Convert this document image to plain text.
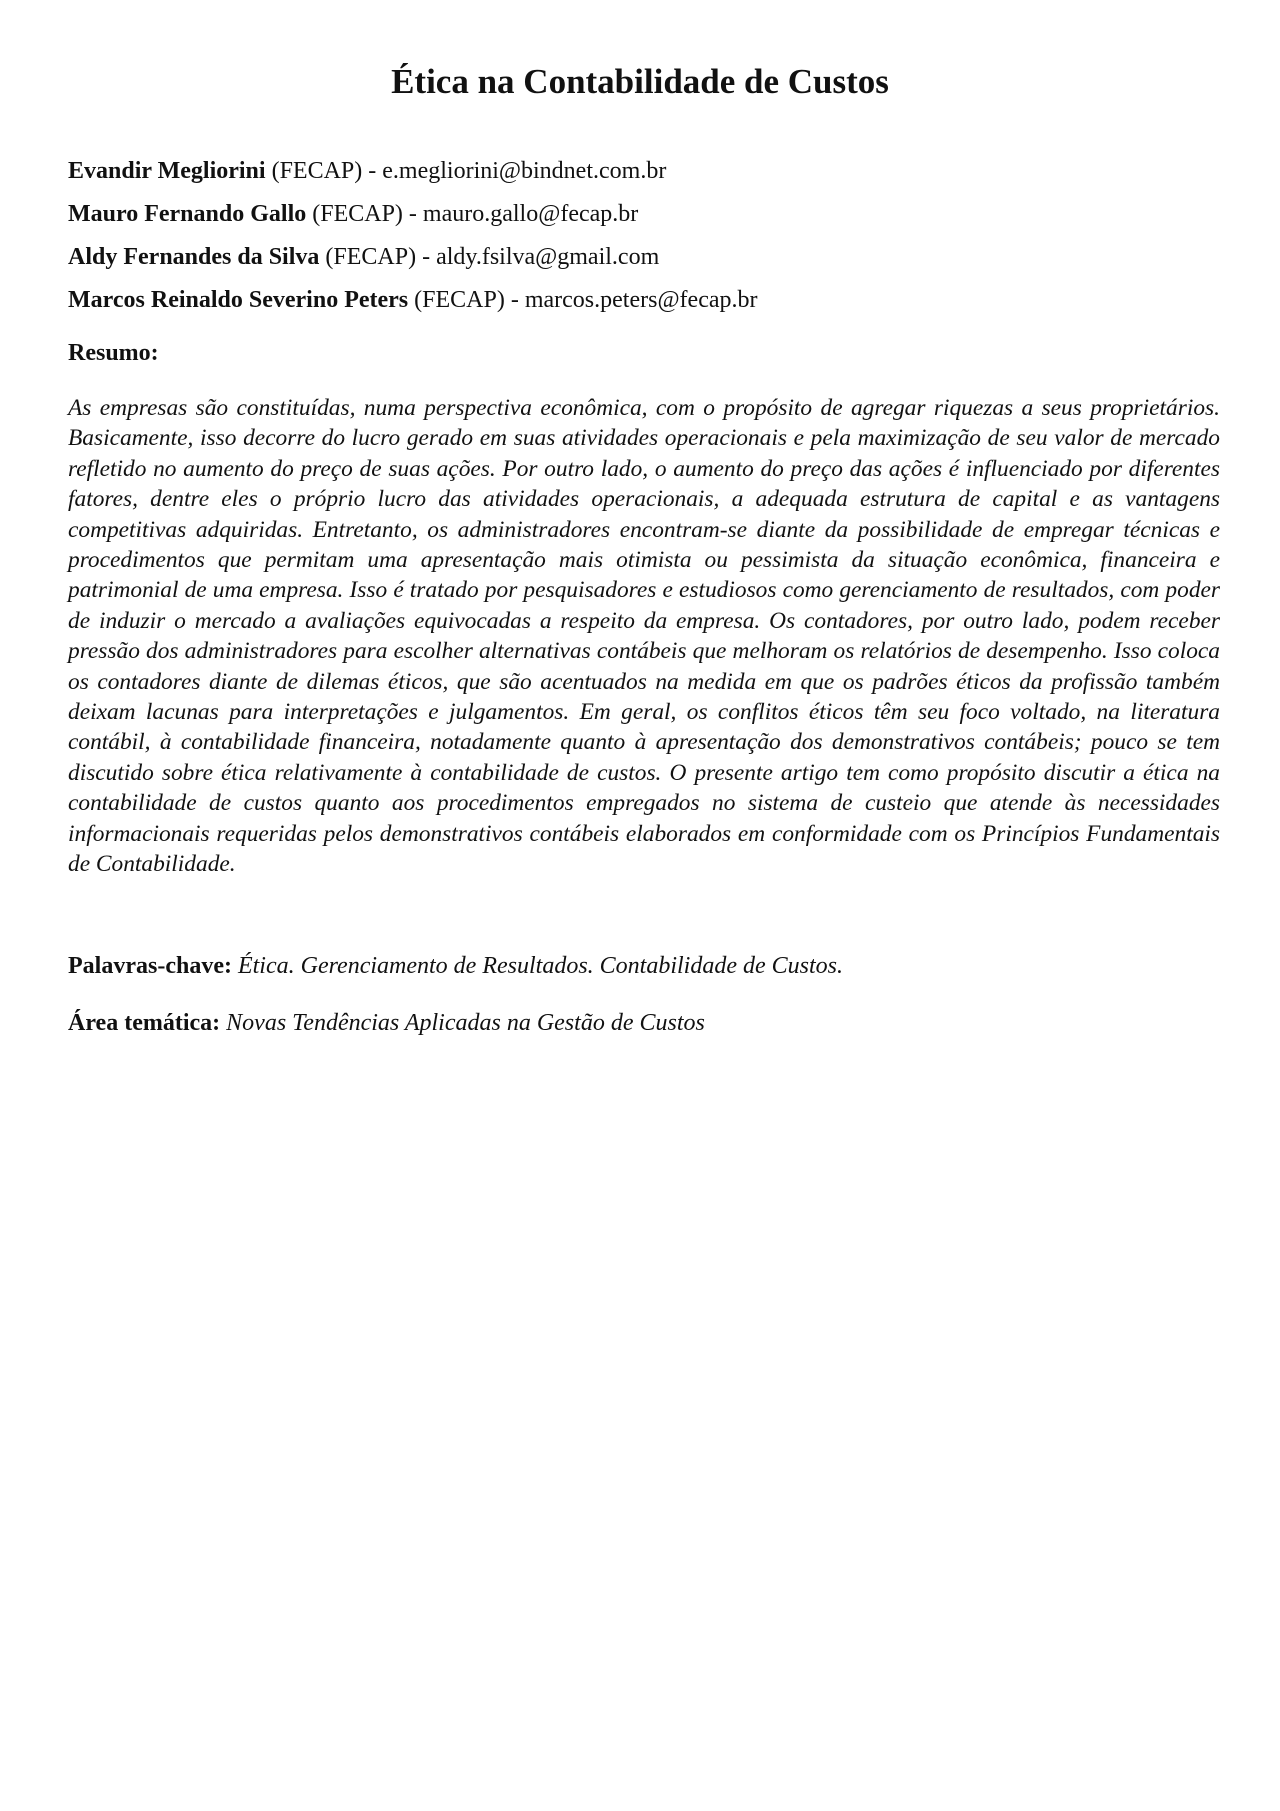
Ética na Contabilidade de Custos
Evandir Megliorini (FECAP) - e.megliorini@bindnet.com.br
Mauro Fernando Gallo (FECAP) - mauro.gallo@fecap.br
Aldy Fernandes da Silva (FECAP) - aldy.fsilva@gmail.com
Marcos Reinaldo Severino Peters (FECAP) - marcos.peters@fecap.br
Resumo:

As empresas são constituídas, numa perspectiva econômica, com o propósito de agregar riquezas a seus proprietários. Basicamente, isso decorre do lucro gerado em suas atividades operacionais e pela maximização de seu valor de mercado refletido no aumento do preço de suas ações. Por outro lado, o aumento do preço das ações é influenciado por diferentes fatores, dentre eles o próprio lucro das atividades operacionais, a adequada estrutura de capital e as vantagens competitivas adquiridas. Entretanto, os administradores encontram-se diante da possibilidade de empregar técnicas e procedimentos que permitam uma apresentação mais otimista ou pessimista da situação econômica, financeira e patrimonial de uma empresa. Isso é tratado por pesquisadores e estudiosos como gerenciamento de resultados, com poder de induzir o mercado a avaliações equivocadas a respeito da empresa. Os contadores, por outro lado, podem receber pressão dos administradores para escolher alternativas contábeis que melhoram os relatórios de desempenho. Isso coloca os contadores diante de dilemas éticos, que são acentuados na medida em que os padrões éticos da profissão também deixam lacunas para interpretações e julgamentos. Em geral, os conflitos éticos têm seu foco voltado, na literatura contábil, à contabilidade financeira, notadamente quanto à apresentação dos demonstrativos contábeis; pouco se tem discutido sobre ética relativamente à contabilidade de custos. O presente artigo tem como propósito discutir a ética na contabilidade de custos quanto aos procedimentos empregados no sistema de custeio que atende às necessidades informacionais requeridas pelos demonstrativos contábeis elaborados em conformidade com os Princípios Fundamentais de Contabilidade.

Palavras-chave: Ética. Gerenciamento de Resultados. Contabilidade de Custos.

Área temática: Novas Tendências Aplicadas na Gestão de Custos
